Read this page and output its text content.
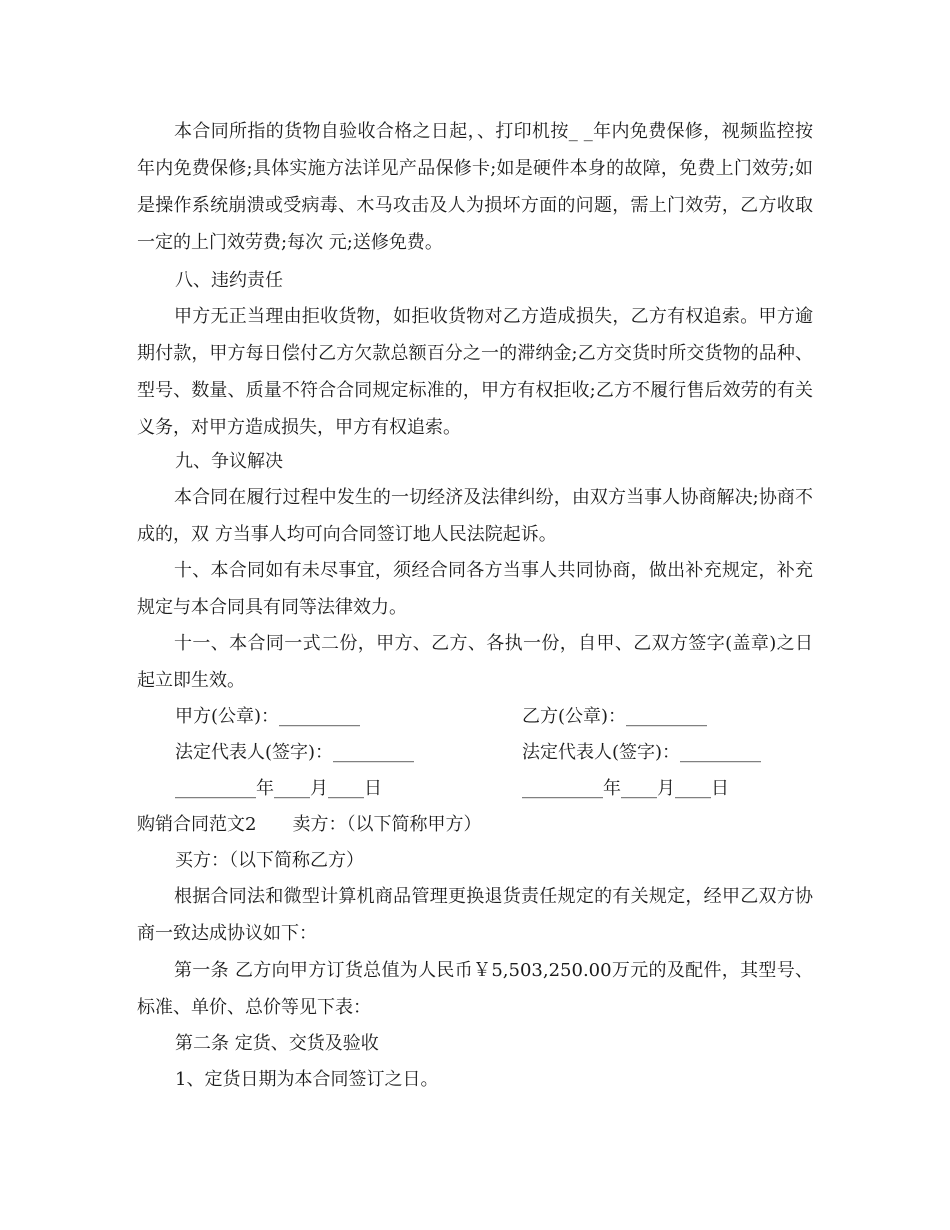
本合同所指的货物自验收合格之日起，、打印机按_ _年内免费保修，视频监控按 年内免费保修;具体实施方法详见产品保修卡;如是硬件本身的故障，免费上门效劳;如是操作系统崩溃或受病毒、木马攻击及人为损坏方面的问题，需上门效劳，乙方收取一定的上门效劳费;每次 元;送修免费。

八、违约责任

甲方无正当理由拒收货物，如拒收货物对乙方造成损失，乙方有权追索。甲方逾期付款，甲方每日偿付乙方欠款总额百分之一的滞纳金;乙方交货时所交货物的品种、型号、数量、质量不符合合同规定标准的，甲方有权拒收;乙方不履行售后效劳的有关义务，对甲方造成损失，甲方有权追索。

九、争议解决

本合同在履行过程中发生的一切经济及法律纠纷，由双方当事人协商解决;协商不成的，双 方当事人均可向合同签订地人民法院起诉。

十、本合同如有未尽事宜，须经合同各方当事人共同协商，做出补充规定，补充规定与本合同具有同等法律效力。

十一、本合同一式二份，甲方、乙方、各执一份，自甲、乙双方签字(盖章)之日起立即生效。

甲方(公章)：_________	乙方(公章)：_________

法定代表人(签字)：_________	法定代表人(签字)：_________

_________年____月____日	_________年____月____日

购销合同范文2 卖方：（以下简称甲方）

买方：（以下简称乙方）

根据合同法和微型计算机商品管理更换退货责任规定的有关规定，经甲乙双方协商一致达成协议如下：

第一条 乙方向甲方订货总值为人民币￥5,503,250.00万元的及配件，其型号、标准、单价、总价等见下表：

第二条 定货、交货及验收

1、定货日期为本合同签订之日。
